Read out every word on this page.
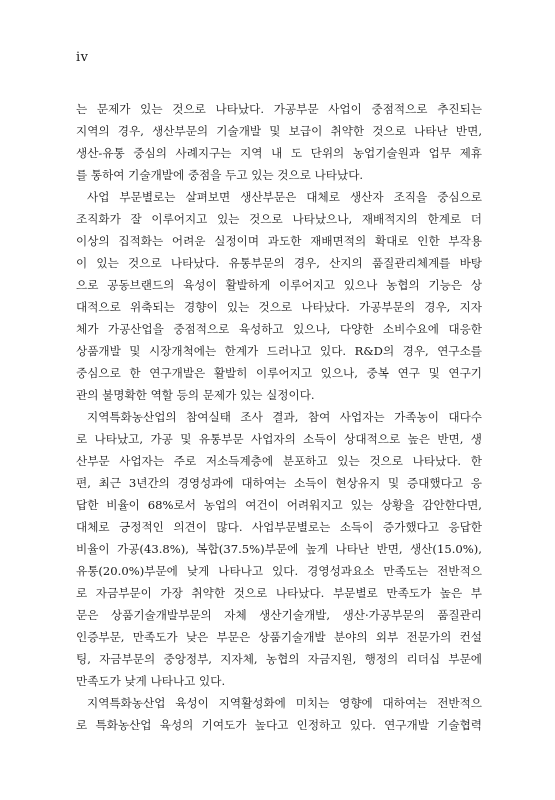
iv
는 문제가 있는 것으로 나타났다. 가공부문 사업이 중점적으로 추진되는
지역의 경우, 생산부문의 기술개발 및 보급이 취약한 것으로 나타난 반면,
생산-유통 중심의 사례지구는 지역 내 도 단위의 농업기술원과 업무 제휴
를 통하여 기술개발에 중점을 두고 있는 것으로 나타났다.
사업 부문별로는 살펴보면 생산부문은 대체로 생산자 조직을 중심으로
조직화가 잘 이루어지고 있는 것으로 나타났으나, 재배적지의 한계로 더
이상의 집적화는 어려운 실정이며 과도한 재배면적의 확대로 인한 부작용
이 있는 것으로 나타났다. 유통부문의 경우, 산지의 품질관리체계를 바탕
으로 공동브랜드의 육성이 활발하게 이루어지고 있으나 농협의 기능은 상
대적으로 위축되는 경향이 있는 것으로 나타났다. 가공부문의 경우, 지자
체가 가공산업을 중점적으로 육성하고 있으나, 다양한 소비수요에 대응한
상품개발 및 시장개척에는 한계가 드러나고 있다. R&D의 경우, 연구소를
중심으로 한 연구개발은 활발히 이루어지고 있으나, 중복 연구 및 연구기
관의 불명확한 역할 등의 문제가 있는 실정이다.
지역특화농산업의 참여실태 조사 결과, 참여 사업자는 가족농이 대다수
로 나타났고, 가공 및 유통부문 사업자의 소득이 상대적으로 높은 반면, 생
산부문 사업자는 주로 저소득계층에 분포하고 있는 것으로 나타났다. 한
편, 최근 3년간의 경영성과에 대하여는 소득이 현상유지 및 증대했다고 응
답한 비율이 68%로서 농업의 여건이 어려워지고 있는 상황을 감안한다면,
대체로 긍정적인 의견이 많다. 사업부문별로는 소득이 증가했다고 응답한
비율이 가공(43.8%), 복합(37.5%)부문에 높게 나타난 반면, 생산(15.0%),
유통(20.0%)부문에 낮게 나타나고 있다. 경영성과요소 만족도는 전반적으
로 자금부문이 가장 취약한 것으로 나타났다. 부문별로 만족도가 높은 부
문은 상품기술개발부문의 자체 생산기술개발, 생산·가공부문의 품질관리
인증부문, 만족도가 낮은 부문은 상품기술개발 분야의 외부 전문가의 컨설
팅, 자금부문의 중앙정부, 지자체, 농협의 자금지원, 행정의 리더십 부문에
만족도가 낮게 나타나고 있다.
지역특화농산업 육성이 지역활성화에 미치는 영향에 대하여는 전반적으
로 특화농산업 육성의 기여도가 높다고 인정하고 있다. 연구개발 기술협력
